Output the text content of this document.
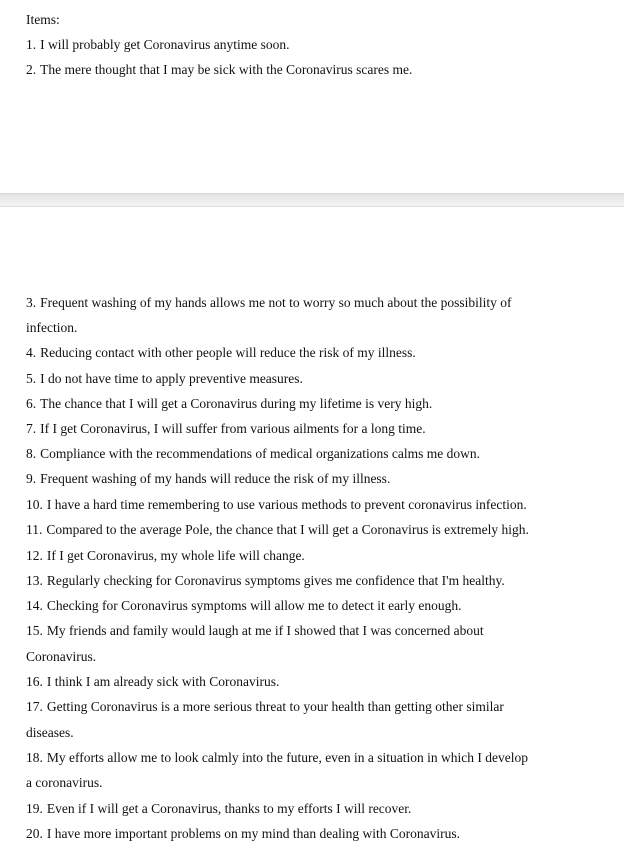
Items:
1. I will probably get Coronavirus anytime soon.
2. The mere thought that I may be sick with the Coronavirus scares me.
3. Frequent washing of my hands allows me not to worry so much about the possibility of
infection.
4. Reducing contact with other people will reduce the risk of my illness.
5. I do not have time to apply preventive measures.
6. The chance that I will get a Coronavirus during my lifetime is very high.
7. If I get Coronavirus, I will suffer from various ailments for a long time.
8. Compliance with the recommendations of medical organizations calms me down.
9. Frequent washing of my hands will reduce the risk of my illness.
10. I have a hard time remembering to use various methods to prevent coronavirus infection.
11. Compared to the average Pole, the chance that I will get a Coronavirus is extremely high.
12. If I get Coronavirus, my whole life will change.
13. Regularly checking for Coronavirus symptoms gives me confidence that I'm healthy.
14. Checking for Coronavirus symptoms will allow me to detect it early enough.
15. My friends and family would laugh at me if I showed that I was concerned about
Coronavirus.
16. I think I am already sick with Coronavirus.
17. Getting Coronavirus is a more serious threat to your health than getting other similar
diseases.
18. My efforts allow me to look calmly into the future, even in a situation in which I develop
a coronavirus.
19. Even if I will get a Coronavirus, thanks to my efforts I will recover.
20. I have more important problems on my mind than dealing with Coronavirus.
